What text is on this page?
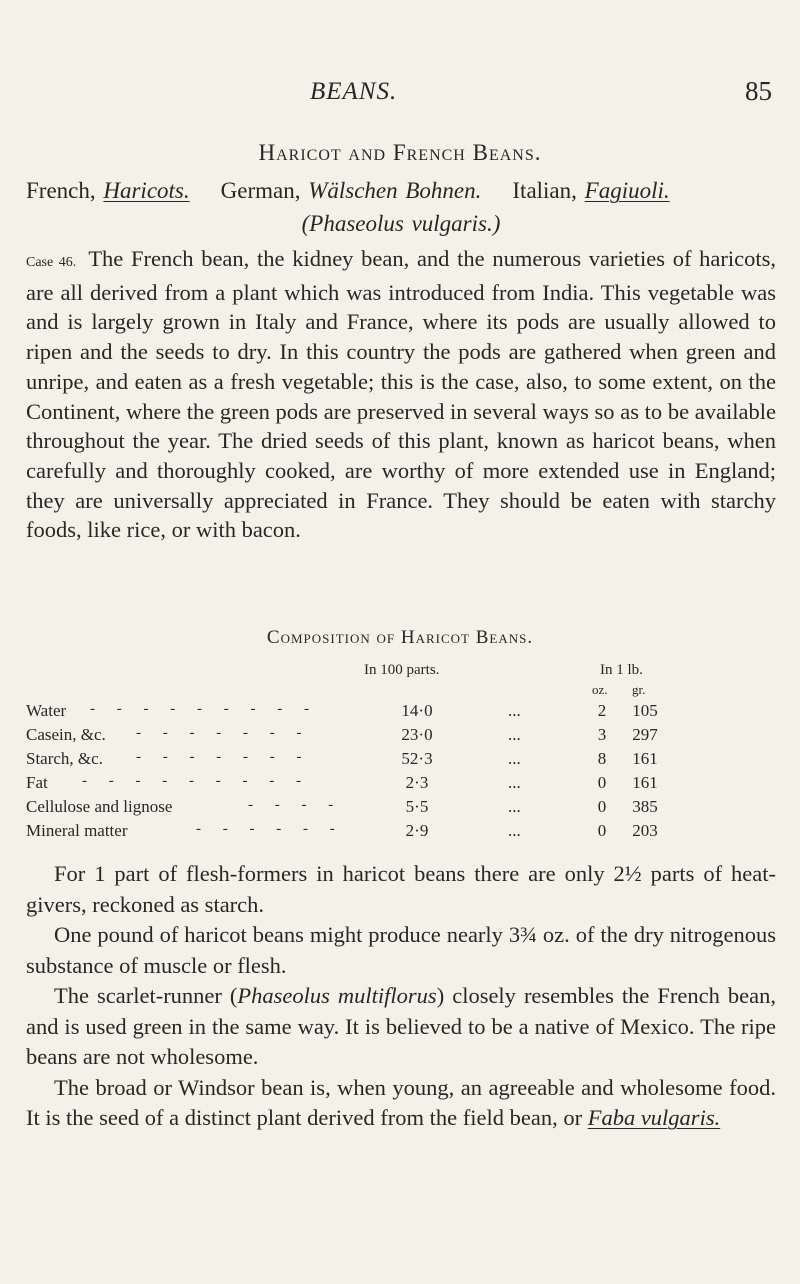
BEANS.	85
Haricot and French Beans.
French, Haricots. German, Wälschen Bohnen. Italian, Fagiuoli.
(Phaseolus vulgaris.)
Case 46. The French bean, the kidney bean, and the numerous varieties of haricots, are all derived from a plant which was introduced from India. This vegetable was and is largely grown in Italy and France, where its pods are usually allowed to ripen and the seeds to dry. In this country the pods are gathered when green and unripe, and eaten as a fresh vegetable; this is the case, also, to some extent, on the Continent, where the green pods are preserved in several ways so as to be available throughout the year. The dried seeds of this plant, known as haricot beans, when carefully and thoroughly cooked, are worthy of more extended use in England; they are universally appreciated in France. They should be eaten with starchy foods, like rice, or with bacon.
Composition of Haricot Beans.
In 100 parts.	In 1 lb.
oz. gr.
Water - - - - - - - - -	14·0	...	2	105
Casein, &c. - - - - - - -	23·0	...	3	297
Starch, &c. - - - - - - -	52·3	...	8	161
Fat - - - - - - - - -	2·3	...	0	161
Cellulose and lignose	- - - -	5·5	...	0	385
Mineral matter	- - - - - -	2·9	...	0	203

For 1 part of flesh-formers in haricot beans there are only 2½ parts of heat-givers, reckoned as starch.

One pound of haricot beans might produce nearly 3¾ oz. of the dry nitrogenous substance of muscle or flesh.

The scarlet-runner (Phaseolus multiflorus) closely resembles the French bean, and is used green in the same way. It is believed to be a native of Mexico. The ripe beans are not wholesome.

The broad or Windsor bean is, when young, an agreeable and wholesome food. It is the seed of a distinct plant derived from the field bean, or Faba vulgaris.
